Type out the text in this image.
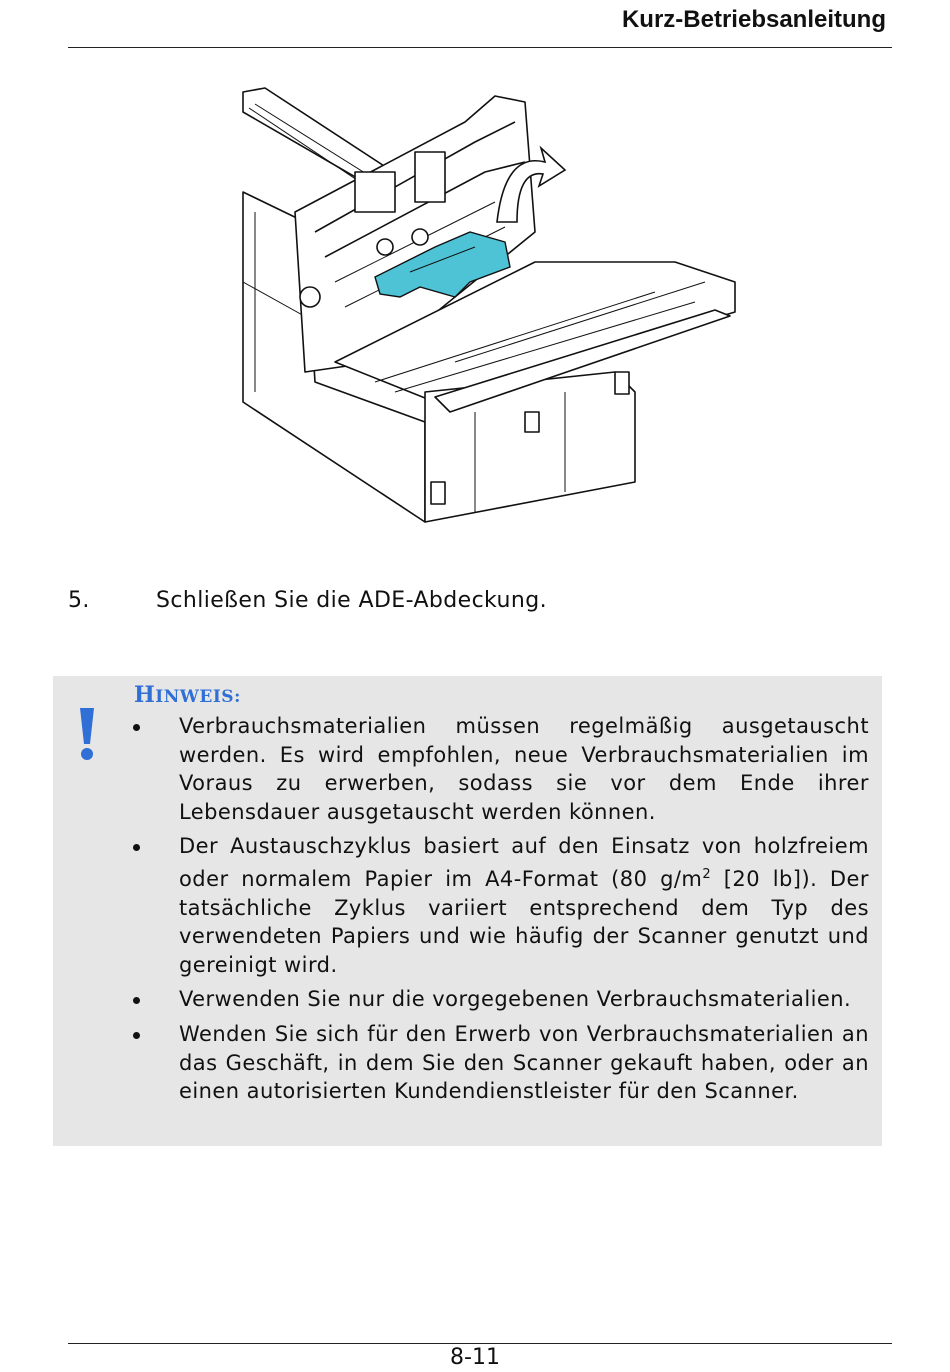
Kurz-Betriebsanleitung
5.	Schließen Sie die ADE-Abdeckung.
HINWEIS:
Verbrauchsmaterialien müssen regelmäßig ausgetauscht werden. Es wird empfohlen, neue Verbrauchsmaterialien im Voraus zu erwerben, sodass sie vor dem Ende ihrer Lebensdauer ausgetauscht werden können.
Der Austauschzyklus basiert auf den Einsatz von holzfreiem oder normalem Papier im A4-Format (80 $g/m^2$ [20 lb]). Der tatsächliche Zyklus variiert entsprechend dem Typ des verwendeten Papiers und wie häufig der Scanner genutzt und gereinigt wird.
Verwenden Sie nur die vorgegebenen Verbrauchsmaterialien.
Wenden Sie sich für den Erwerb von Verbrauchsmaterialien an das Geschäft, in dem Sie den Scanner gekauft haben, oder an einen autorisierten Kundendienstleister für den Scanner.
8-11
